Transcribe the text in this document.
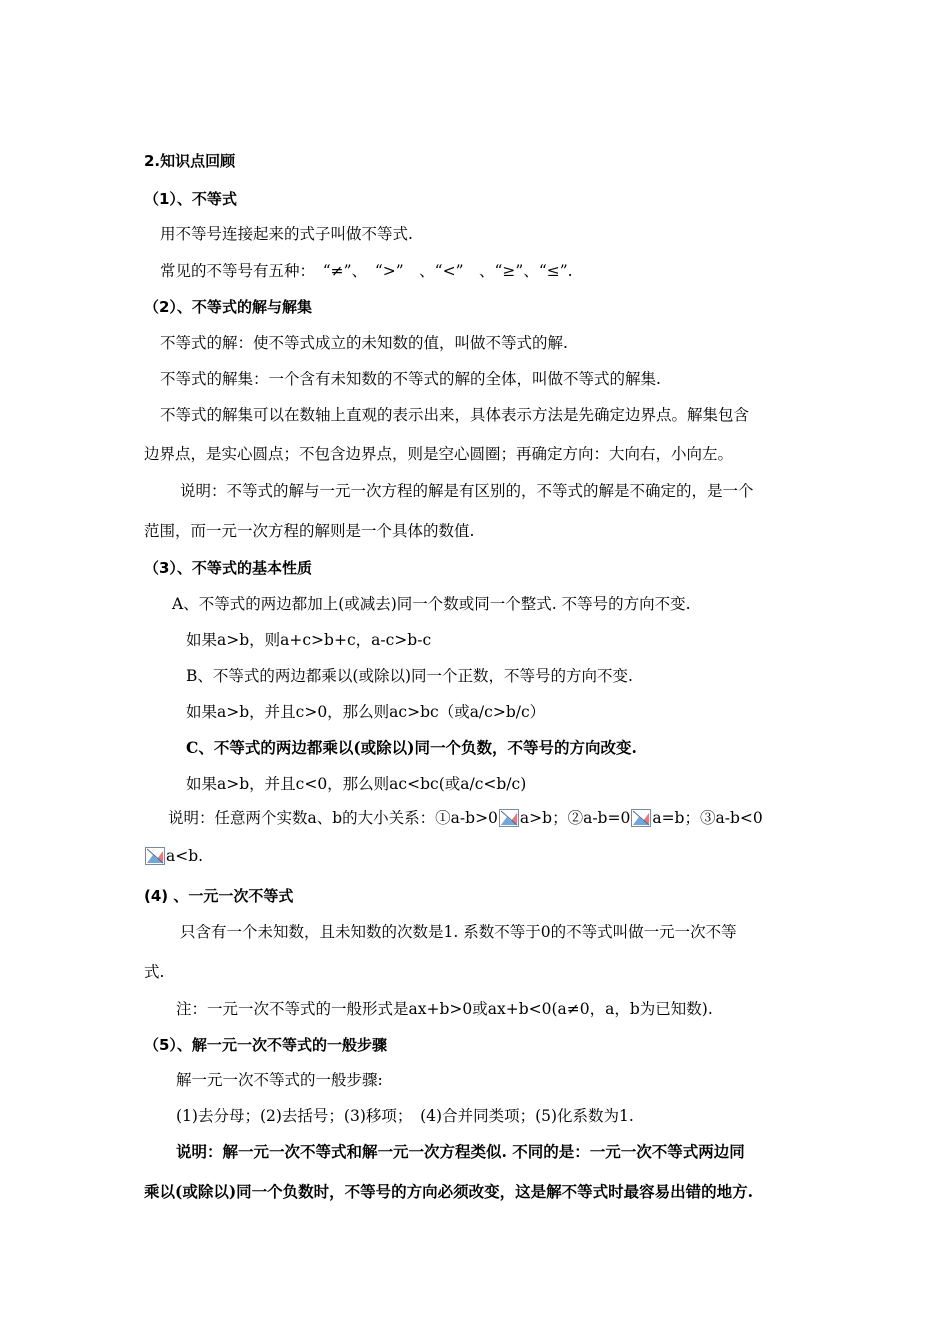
2.知识点回顾
（1）、不等式
用不等号连接起来的式子叫做不等式.
常见的不等号有五种：　“≠”、　“>”　、“<”　、“≥”、“≤”.
（2）、不等式的解与解集
不等式的解：使不等式成立的未知数的值，叫做不等式的解.
不等式的解集：一个含有未知数的不等式的解的全体，叫做不等式的解集.
不等式的解集可以在数轴上直观的表示出来，具体表示方法是先确定边界点。解集包含
边界点，是实心圆点；不包含边界点，则是空心圆圈；再确定方向：大向右，小向左。
说明：不等式的解与一元一次方程的解是有区别的，不等式的解是不确定的，是一个
范围，而一元一次方程的解则是一个具体的数值.
（3）、不等式的基本性质
A、不等式的两边都加上(或减去)同一个数或同一个整式. 不等号的方向不变.
如果a>b，则a+c>b+c，a-c>b-c
B、不等式的两边都乘以(或除以)同一个正数，不等号的方向不变.
如果a>b，并且c>0，那么则ac>bc（或a/c>b/c）
C、不等式的两边都乘以(或除以)同一个负数，不等号的方向改变.
如果a>b，并且c<0，那么则ac<bc(或a/c<b/c)
说明：任意两个实数a、b的大小关系：①a-b>0 a>b；②a-b=0 a=b；③a-b<0
a<b.
(4) 、一元一次不等式
只含有一个未知数，且未知数的次数是1. 系数不等于0的不等式叫做一元一次不等
式.
注：一元一次不等式的一般形式是ax+b>0或ax+b<0(a≠0，a，b为已知数).
（5）、解一元一次不等式的一般步骤
解一元一次不等式的一般步骤:
(1)去分母；(2)去括号；(3)移项；　(4)合并同类项；(5)化系数为1.
说明：解一元一次不等式和解一元一次方程类似. 不同的是：一元一次不等式两边同
乘以(或除以)同一个负数时，不等号的方向必须改变，这是解不等式时最容易出错的地方.
